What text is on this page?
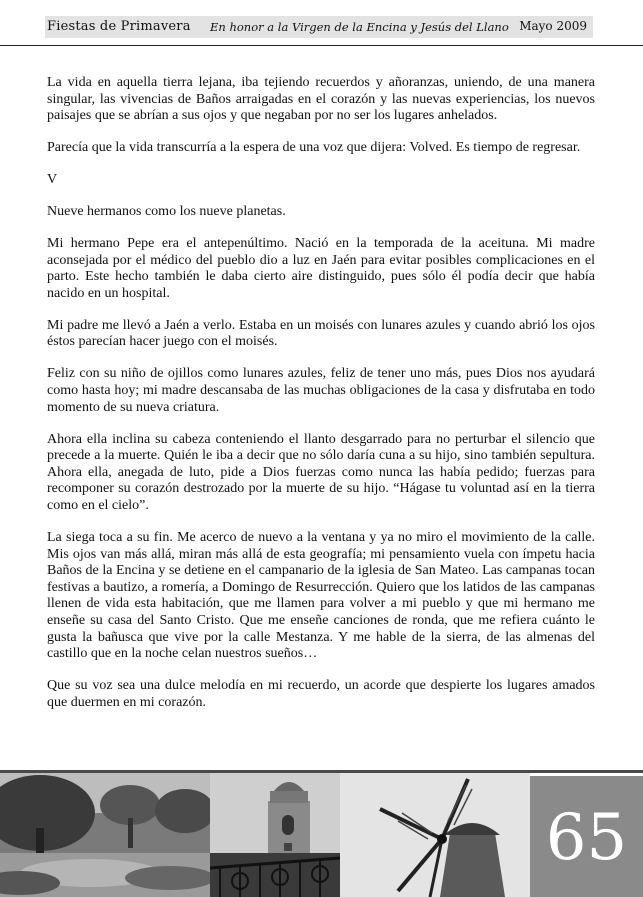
Fiestas de Primavera En honor a la Virgen de la Encina y Jesús del Llano Mayo 2009

La vida en aquella tierra lejana, iba tejiendo recuerdos y añoranzas, uniendo, de una manera singular, las vivencias de Baños arraigadas en el corazón y las nuevas experiencias, los nuevos paisajes que se abrían a sus ojos y que negaban por no ser los lugares anhelados.

Parecía que la vida transcurría a la espera de una voz que dijera: Volved. Es tiempo de regresar.

V

Nueve hermanos como los nueve planetas.

Mi hermano Pepe era el antepenúltimo. Nació en la temporada de la aceituna. Mi madre aconsejada por el médico del pueblo dio a luz en Jaén para evitar posibles complicaciones en el parto. Este hecho también le daba cierto aire distinguido, pues sólo él podía decir que había nacido en un hospital.

Mi padre me llevó a Jaén a verlo. Estaba en un moisés con lunares azules y cuando abrió los ojos éstos parecían hacer juego con el moisés.

Feliz con su niño de ojillos como lunares azules, feliz de tener uno más, pues Dios nos ayudará como hasta hoy; mi madre descansaba de las muchas obligaciones de la casa y disfrutaba en todo momento de su nueva criatura.

Ahora ella inclina su cabeza conteniendo el llanto desgarrado para no perturbar el silencio que precede a la muerte. Quién le iba a decir que no sólo daría cuna a su hijo, sino también sepultura. Ahora ella, anegada de luto, pide a Dios fuerzas como nunca las había pedido; fuerzas para recomponer su corazón destrozado por la muerte de su hijo. “Hágase tu voluntad así en la tierra como en el cielo”.

La siega toca a su fin. Me acerco de nuevo a la ventana y ya no miro el movimiento de la calle. Mis ojos van más allá, miran más allá de esta geografía; mi pensamiento vuela con ímpetu hacia Baños de la Encina y se detiene en el campanario de la iglesia de San Mateo. Las campanas tocan festivas a bautizo, a romería, a Domingo de Resurrección. Quiero que los latidos de las campanas llenen de vida esta habitación, que me llamen para volver a mi pueblo y que mi hermano me enseñe su casa del Santo Cristo. Que me enseñe canciones de ronda, que me refiera cuánto le gusta la bañusca que vive por la calle Mestanza. Y me hable de la sierra, de las almenas del castillo que en la noche celan nuestros sueños…

Que su voz sea una dulce melodía en mi recuerdo, un acorde que despierte los lugares amados que duermen en mi corazón.

65
